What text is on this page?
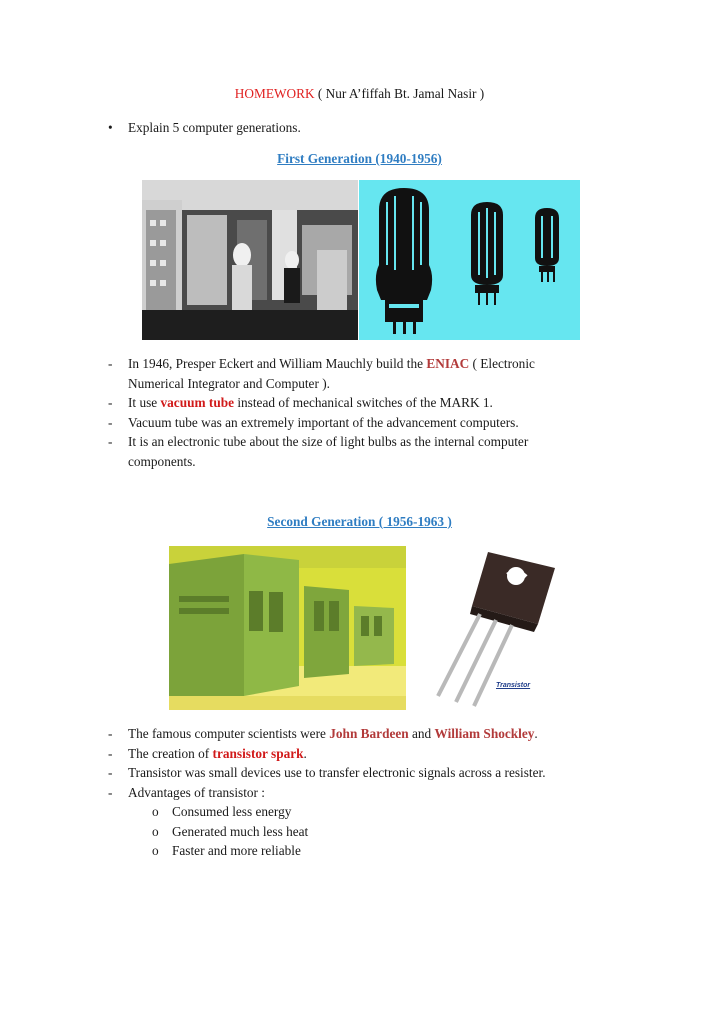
HOMEWORK ( Nur A’fiffah Bt. Jamal Nasir )
• Explain 5 computer generations.
First Generation (1940-1956)
- In 1946, Presper Eckert and William Mauchly build the ENIAC ( Electronic Numerical Integrator and Computer ).
- It use vacuum tube instead of mechanical switches of the MARK 1.
- Vacuum tube was an extremely important of the advancement computers.
- It is an electronic tube about the size of light bulbs as the internal computer components.
Second Generation ( 1956-1963 )
Transistor
- The famous computer scientists were John Bardeen and William Shockley.
- The creation of transistor spark.
- Transistor was small devices use to transfer electronic signals across a resister.
- Advantages of transistor :
o Consumed less energy
o Generated much less heat
o Faster and more reliable
